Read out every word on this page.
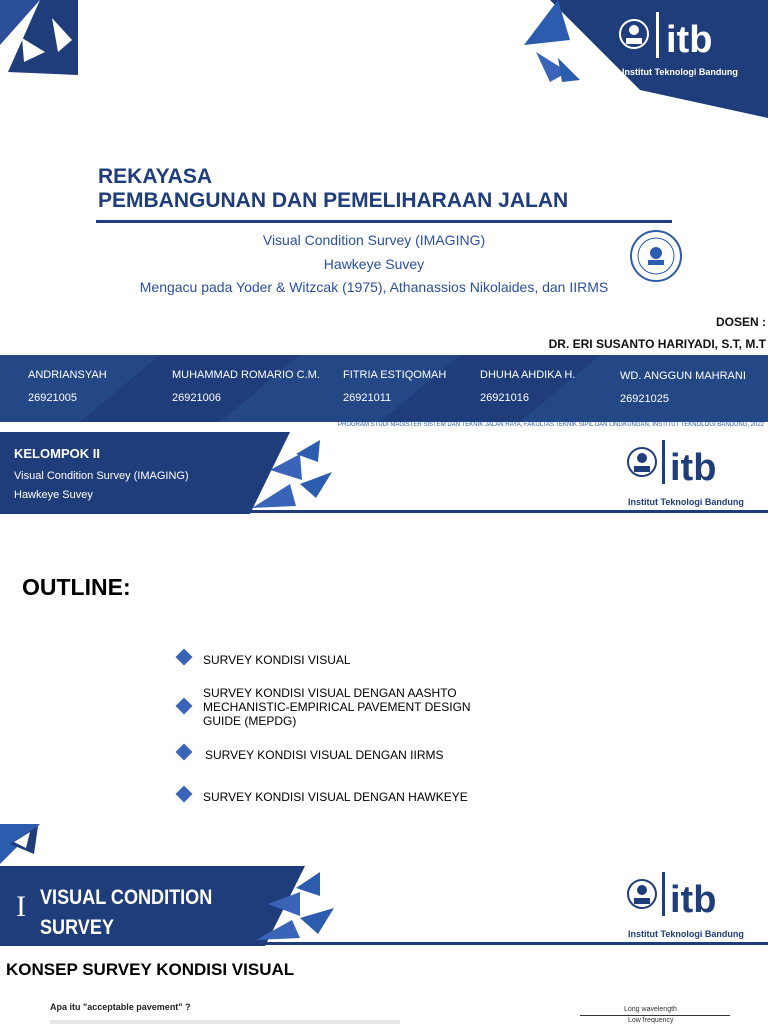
itb
Institut Teknologi Bandung
REKAYASA
PEMBANGUNAN DAN PEMELIHARAAN JALAN
Visual Condition Survey (IMAGING)
Hawkeye Suvey
Mengacu pada Yoder & Witzcak (1975), Athanassios Nikolaides, dan IIRMS
DOSEN :
DR. ERI SUSANTO HARIYADI, S.T, M.T
ANDRIANSYAH
26921005
MUHAMMAD ROMARIO C.M.
26921006
FITRIA ESTIQOMAH
26921011
DHUHA AHDIKA H.
26921016
WD. ANGGUN MAHRANI
26921025
PROGRAM STUDI MAGISTER SISTEM DAN TEKNIK JALAN RAYA, FAKULTAS TEKNIK SIPIL DAN LINGKUNGAN, INSTITUT TEKNOLOGI BANDUNG, 2022
KELOMPOK II
Visual Condition Survey (IMAGING)
Hawkeye Suvey
itb
Institut Teknologi Bandung
OUTLINE:
SURVEY KONDISI VISUAL
SURVEY KONDISI VISUAL DENGAN AASHTO MECHANISTIC-EMPIRICAL PAVEMENT DESIGN GUIDE (MEPDG)
SURVEY KONDISI VISUAL DENGAN IIRMS
SURVEY KONDISI VISUAL DENGAN HAWKEYE
I VISUAL CONDITION
SURVEY
itb
Institut Teknologi Bandung
KONSEP SURVEY KONDISI VISUAL
Apa itu "acceptable pavement" ?	Long wavelength
Low frequency
